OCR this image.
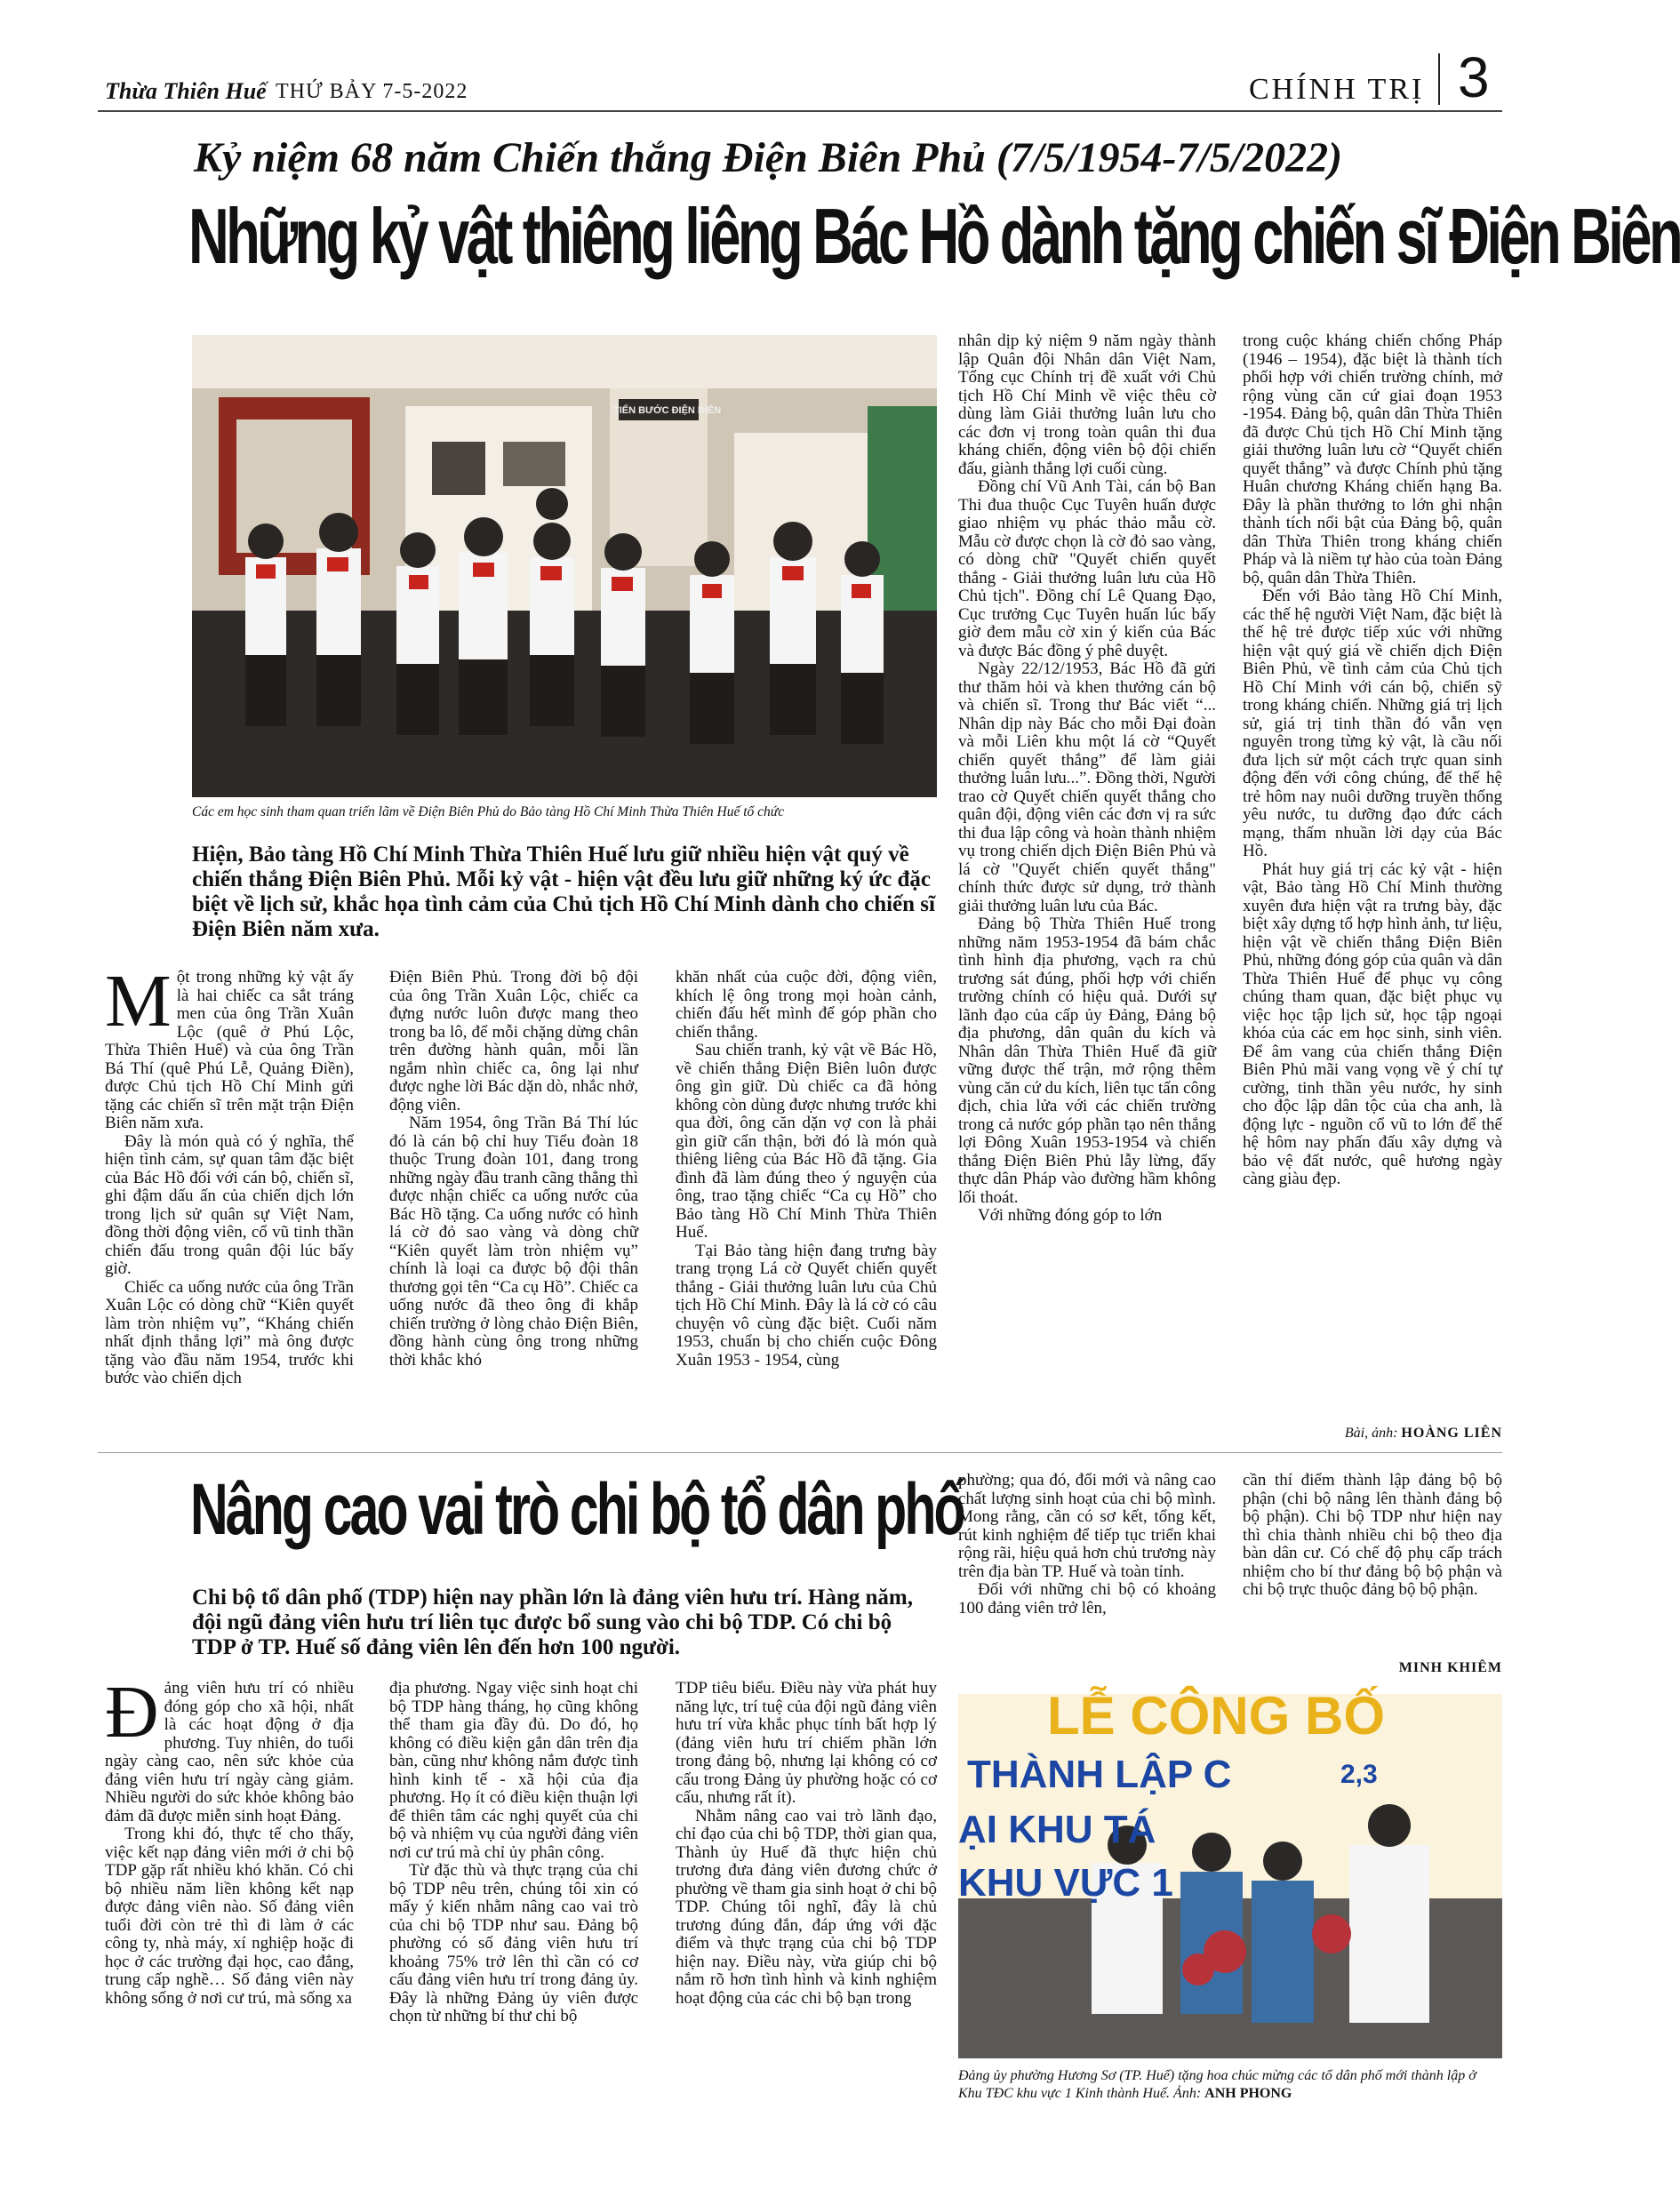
Thừa Thiên Huế THỨ BẢY 7-5-2022	CHÍNH TRỊ 3
Kỷ niệm 68 năm Chiến thắng Điện Biên Phủ (7/5/1954-7/5/2022)
Những kỷ vật thiêng liêng Bác Hồ dành tặng chiến sĩ Điện Biên
TIẾN BƯỚC ĐIỆN BIÊN
Các em học sinh tham quan triển lãm về Điện Biên Phủ do Bảo tàng Hồ Chí Minh Thừa Thiên Huế tổ chức
Hiện, Bảo tàng Hồ Chí Minh Thừa Thiên Huế lưu giữ nhiều hiện vật quý về chiến thắng Điện Biên Phủ. Mỗi kỷ vật - hiện vật đều lưu giữ những ký ức đặc biệt về lịch sử, khắc họa tình cảm của Chủ tịch Hồ Chí Minh dành cho chiến sĩ Điện Biên năm xưa.
M ột trong những kỷ vật ấy là hai chiếc ca sắt tráng men của ông Trần Xuân Lộc (quê ở Phú Lộc, Thừa Thiên Huế) và của ông Trần Bá Thí (quê Phú Lễ, Quảng Điền), được Chủ tịch Hồ Chí Minh gửi tặng các chiến sĩ trên mặt trận Điện Biên năm xưa.

Đây là món quà có ý nghĩa, thể hiện tình cảm, sự quan tâm đặc biệt của Bác Hồ đối với cán bộ, chiến sĩ, ghi đậm dấu ấn của chiến dịch lớn trong lịch sử quân sự Việt Nam, đồng thời động viên, cổ vũ tinh thần chiến đấu trong quân đội lúc bấy giờ.

Chiếc ca uống nước của ông Trần Xuân Lộc có dòng chữ “Kiên quyết làm tròn nhiệm vụ”, “Kháng chiến nhất định thắng lợi” mà ông được tặng vào đầu năm 1954, trước khi bước vào chiến dịch

Điện Biên Phủ. Trong đời bộ đội của ông Trần Xuân Lộc, chiếc ca đựng nước luôn được mang theo trong ba lô, để mỗi chặng dừng chân trên đường hành quân, mỗi lần ngắm nhìn chiếc ca, ông lại như được nghe lời Bác dặn dò, nhắc nhở, động viên.

Năm 1954, ông Trần Bá Thí lúc đó là cán bộ chỉ huy Tiểu đoàn 18 thuộc Trung đoàn 101, đang trong những ngày đầu tranh cãng thẳng thì được nhận chiếc ca uống nước của Bác Hồ tặng. Ca uống nước có hình lá cờ đỏ sao vàng và dòng chữ “Kiên quyết làm tròn nhiệm vụ” chính là loại ca được bộ đội thân thương gọi tên “Ca cụ Hồ”. Chiếc ca uống nước đã theo ông đi khắp chiến trường ở lòng chảo Điện Biên, đồng hành cùng ông trong những thời khắc khó

khăn nhất của cuộc đời, động viên, khích lệ ông trong mọi hoàn cảnh, chiến đấu hết mình để góp phần cho chiến thắng.

Sau chiến tranh, kỷ vật về Bác Hồ, về chiến thắng Điện Biên luôn được ông gìn giữ. Dù chiếc ca đã hỏng không còn dùng được nhưng trước khi qua đời, ông căn dặn vợ con là phải gìn giữ cẩn thận, bởi đó là món quà thiêng liêng của Bác Hồ đã tặng. Gia đình đã làm đúng theo ý nguyện của ông, trao tặng chiếc “Ca cụ Hồ” cho Bảo tàng Hồ Chí Minh Thừa Thiên Huế.

Tại Bảo tàng hiện đang trưng bày trang trọng Lá cờ Quyết chiến quyết thắng - Giải thưởng luân lưu của Chủ tịch Hồ Chí Minh. Đây là lá cờ có câu chuyện vô cùng đặc biệt. Cuối năm 1953, chuẩn bị cho chiến cuộc Đông Xuân 1953 - 1954, cùng

nhân dịp kỷ niệm 9 năm ngày thành lập Quân đội Nhân dân Việt Nam, Tổng cục Chính trị đề xuất với Chủ tịch Hồ Chí Minh về việc thêu cờ dùng làm Giải thưởng luân lưu cho các đơn vị trong toàn quân thi đua kháng chiến, động viên bộ đội chiến đấu, giành thắng lợi cuối cùng.

Đồng chí Vũ Anh Tài, cán bộ Ban Thi đua thuộc Cục Tuyên huấn được giao nhiệm vụ phác thảo mẫu cờ. Mẫu cờ được chọn là cờ đỏ sao vàng, có dòng chữ "Quyết chiến quyết thắng - Giải thưởng luân lưu của Hồ Chủ tịch". Đồng chí Lê Quang Đạo, Cục trưởng Cục Tuyên huấn lúc bấy giờ đem mẫu cờ xin ý kiến của Bác và được Bác đồng ý phê duyệt.

Ngày 22/12/1953, Bác Hồ đã gửi thư thăm hỏi và khen thưởng cán bộ và chiến sĩ. Trong thư Bác viết “... Nhân dịp này Bác cho mỗi Đại đoàn và mỗi Liên khu một lá cờ “Quyết chiến quyết thắng” để làm giải thưởng luân lưu...”. Đồng thời, Người trao cờ Quyết chiến quyết thắng cho quân đội, động viên các đơn vị ra sức thi đua lập công và hoàn thành nhiệm vụ trong chiến dịch Điện Biên Phủ và lá cờ "Quyết chiến quyết thắng" chính thức được sử dụng, trở thành giải thưởng luân lưu của Bác.

Đảng bộ Thừa Thiên Huế trong những năm 1953-1954 đã bám chắc tình hình địa phương, vạch ra chủ trương sát đúng, phối hợp với chiến trường chính có hiệu quả. Dưới sự lãnh đạo của cấp ủy Đảng, Đảng bộ địa phương, dân quân du kích và Nhân dân Thừa Thiên Huế đã giữ vững được thế trận, mở rộng thêm vùng căn cứ du kích, liên tục tấn công địch, chia lửa với các chiến trường trong cả nước góp phần tạo nên thắng lợi Đông Xuân 1953-1954 và chiến thắng Điện Biên Phủ lẫy lừng, đẩy thực dân Pháp vào đường hầm không lối thoát.

Với những đóng góp to lớn

trong cuộc kháng chiến chống Pháp (1946 – 1954), đặc biệt là thành tích phối hợp với chiến trường chính, mở rộng vùng căn cứ giai đoạn 1953 -1954. Đảng bộ, quân dân Thừa Thiên đã được Chủ tịch Hồ Chí Minh tặng giải thưởng luân lưu cờ “Quyết chiến quyết thắng” và được Chính phủ tặng Huân chương Kháng chiến hạng Ba. Đây là phần thưởng to lớn ghi nhận thành tích nổi bật của Đảng bộ, quân dân Thừa Thiên trong kháng chiến Pháp và là niềm tự hào của toàn Đảng bộ, quân dân Thừa Thiên.

Đến với Bảo tàng Hồ Chí Minh, các thế hệ người Việt Nam, đặc biệt là thế hệ trẻ được tiếp xúc với những hiện vật quý giá về chiến dịch Điện Biên Phủ, về tình cảm của Chủ tịch Hồ Chí Minh với cán bộ, chiến sỹ trong kháng chiến. Những giá trị lịch sử, giá trị tinh thần đó vẫn vẹn nguyên trong từng kỷ vật, là cầu nối đưa lịch sử một cách trực quan sinh động đến với công chúng, để thế hệ trẻ hôm nay nuôi dưỡng truyền thống yêu nước, tu dưỡng đạo đức cách mạng, thấm nhuần lời dạy của Bác Hồ.

Phát huy giá trị các kỷ vật - hiện vật, Bảo tàng Hồ Chí Minh thường xuyên đưa hiện vật ra trưng bày, đặc biệt xây dựng tổ hợp hình ảnh, tư liệu, hiện vật về chiến thắng Điện Biên Phủ, những đóng góp của quân và dân Thừa Thiên Huế để phục vụ công chúng tham quan, đặc biệt phục vụ việc học tập lịch sử, học tập ngoại khóa của các em học sinh, sinh viên. Để âm vang của chiến thắng Điện Biên Phủ mãi vang vọng về ý chí tự cường, tinh thần yêu nước, hy sinh cho độc lập dân tộc của cha anh, là động lực - nguồn cổ vũ to lớn để thế hệ hôm nay phấn đấu xây dựng và bảo vệ đất nước, quê hương ngày càng giàu đẹp.

Bài, ảnh: HOÀNG LIÊN
Nâng cao vai trò chi bộ tổ dân phố
Chi bộ tổ dân phố (TDP) hiện nay phần lớn là đảng viên hưu trí. Hàng năm, đội ngũ đảng viên hưu trí liên tục được bổ sung vào chi bộ TDP. Có chi bộ TDP ở TP. Huế số đảng viên lên đến hơn 100 người.
Đ ảng viên hưu trí có nhiều đóng góp cho xã hội, nhất là các hoạt động ở địa phương. Tuy nhiên, do tuổi ngày càng cao, nên sức khỏe của đảng viên hưu trí ngày càng giảm. Nhiều người do sức khỏe không bảo đảm đã được miễn sinh hoạt Đảng.

Trong khi đó, thực tế cho thấy, việc kết nạp đảng viên mới ở chi bộ TDP gặp rất nhiều khó khăn. Có chi bộ nhiều năm liền không kết nạp được đảng viên nào. Số đảng viên tuổi đời còn trẻ thì đi làm ở các công ty, nhà máy, xí nghiệp hoặc đi học ở các trường đại học, cao đẳng, trung cấp nghề… Số đảng viên này không sống ở nơi cư trú, mà sống xa

địa phương. Ngay việc sinh hoạt chi bộ TDP hàng tháng, họ cũng không thể tham gia đầy đủ. Do đó, họ không có điều kiện gắn dân trên địa bàn, cũng như không nắm được tình hình kinh tế - xã hội của địa phương. Họ ít có điều kiện thuận lợi để thiên tâm các nghị quyết của chi bộ và nhiệm vụ của người đảng viên nơi cư trú mà chỉ ủy phân công.

Từ đặc thù và thực trạng của chi bộ TDP nêu trên, chúng tôi xin có mấy ý kiến nhằm nâng cao vai trò của chi bộ TDP như sau. Đảng bộ phường có số đảng viên hưu trí khoảng 75% trở lên thì cần có cơ cấu đảng viên hưu trí trong đảng ủy. Đây là những Đảng ủy viên được chọn từ những bí thư chi bộ

TDP tiêu biểu. Điều này vừa phát huy năng lực, trí tuệ của đội ngũ đảng viên hưu trí vừa khắc phục tính bất hợp lý (đảng viên hưu trí chiếm phần lớn trong đảng bộ, nhưng lại không có cơ cấu trong Đảng ủy phường hoặc có cơ cấu, nhưng rất ít).

Nhằm nâng cao vai trò lãnh đạo, chỉ đạo của chi bộ TDP, thời gian qua, Thành ủy Huế đã thực hiện chủ trương đưa đảng viên đương chức ở phường về tham gia sinh hoạt ở chi bộ TDP. Chúng tôi nghĩ, đây là chủ trương đúng đắn, đáp ứng với đặc điểm và thực trạng của chi bộ TDP hiện nay. Điều này, vừa giúp chi bộ nắm rõ hơn tình hình và kinh nghiệm hoạt động của các chi bộ bạn trong

phường; qua đó, đổi mới và nâng cao chất lượng sinh hoạt của chi bộ mình. Mong rằng, cần có sơ kết, tổng kết, rút kinh nghiệm để tiếp tục triển khai rộng rãi, hiệu quả hơn chủ trương này trên địa bàn TP. Huế và toàn tỉnh.

Đối với những chi bộ có khoảng 100 đảng viên trở lên,

cần thí điểm thành lập đảng bộ bộ phận (chi bộ nâng lên thành đảng bộ bộ phận). Chi bộ TDP như hiện nay thì chia thành nhiều chi bộ theo địa bàn dân cư. Có chế độ phụ cấp trách nhiệm cho bí thư đảng bộ bộ phận và chi bộ trực thuộc đảng bộ bộ phận.

MINH KHIÊM
LỄ CÔNG BỐ
THÀNH LẬP C	2,3
ẠI KHU TÁ
KHU VỰC 1
Đảng ủy phường Hương Sơ (TP. Huế) tặng hoa chúc mừng các tổ dân phố mới thành lập ở Khu TĐC khu vực 1 Kinh thành Huế. Ảnh: ANH PHONG
